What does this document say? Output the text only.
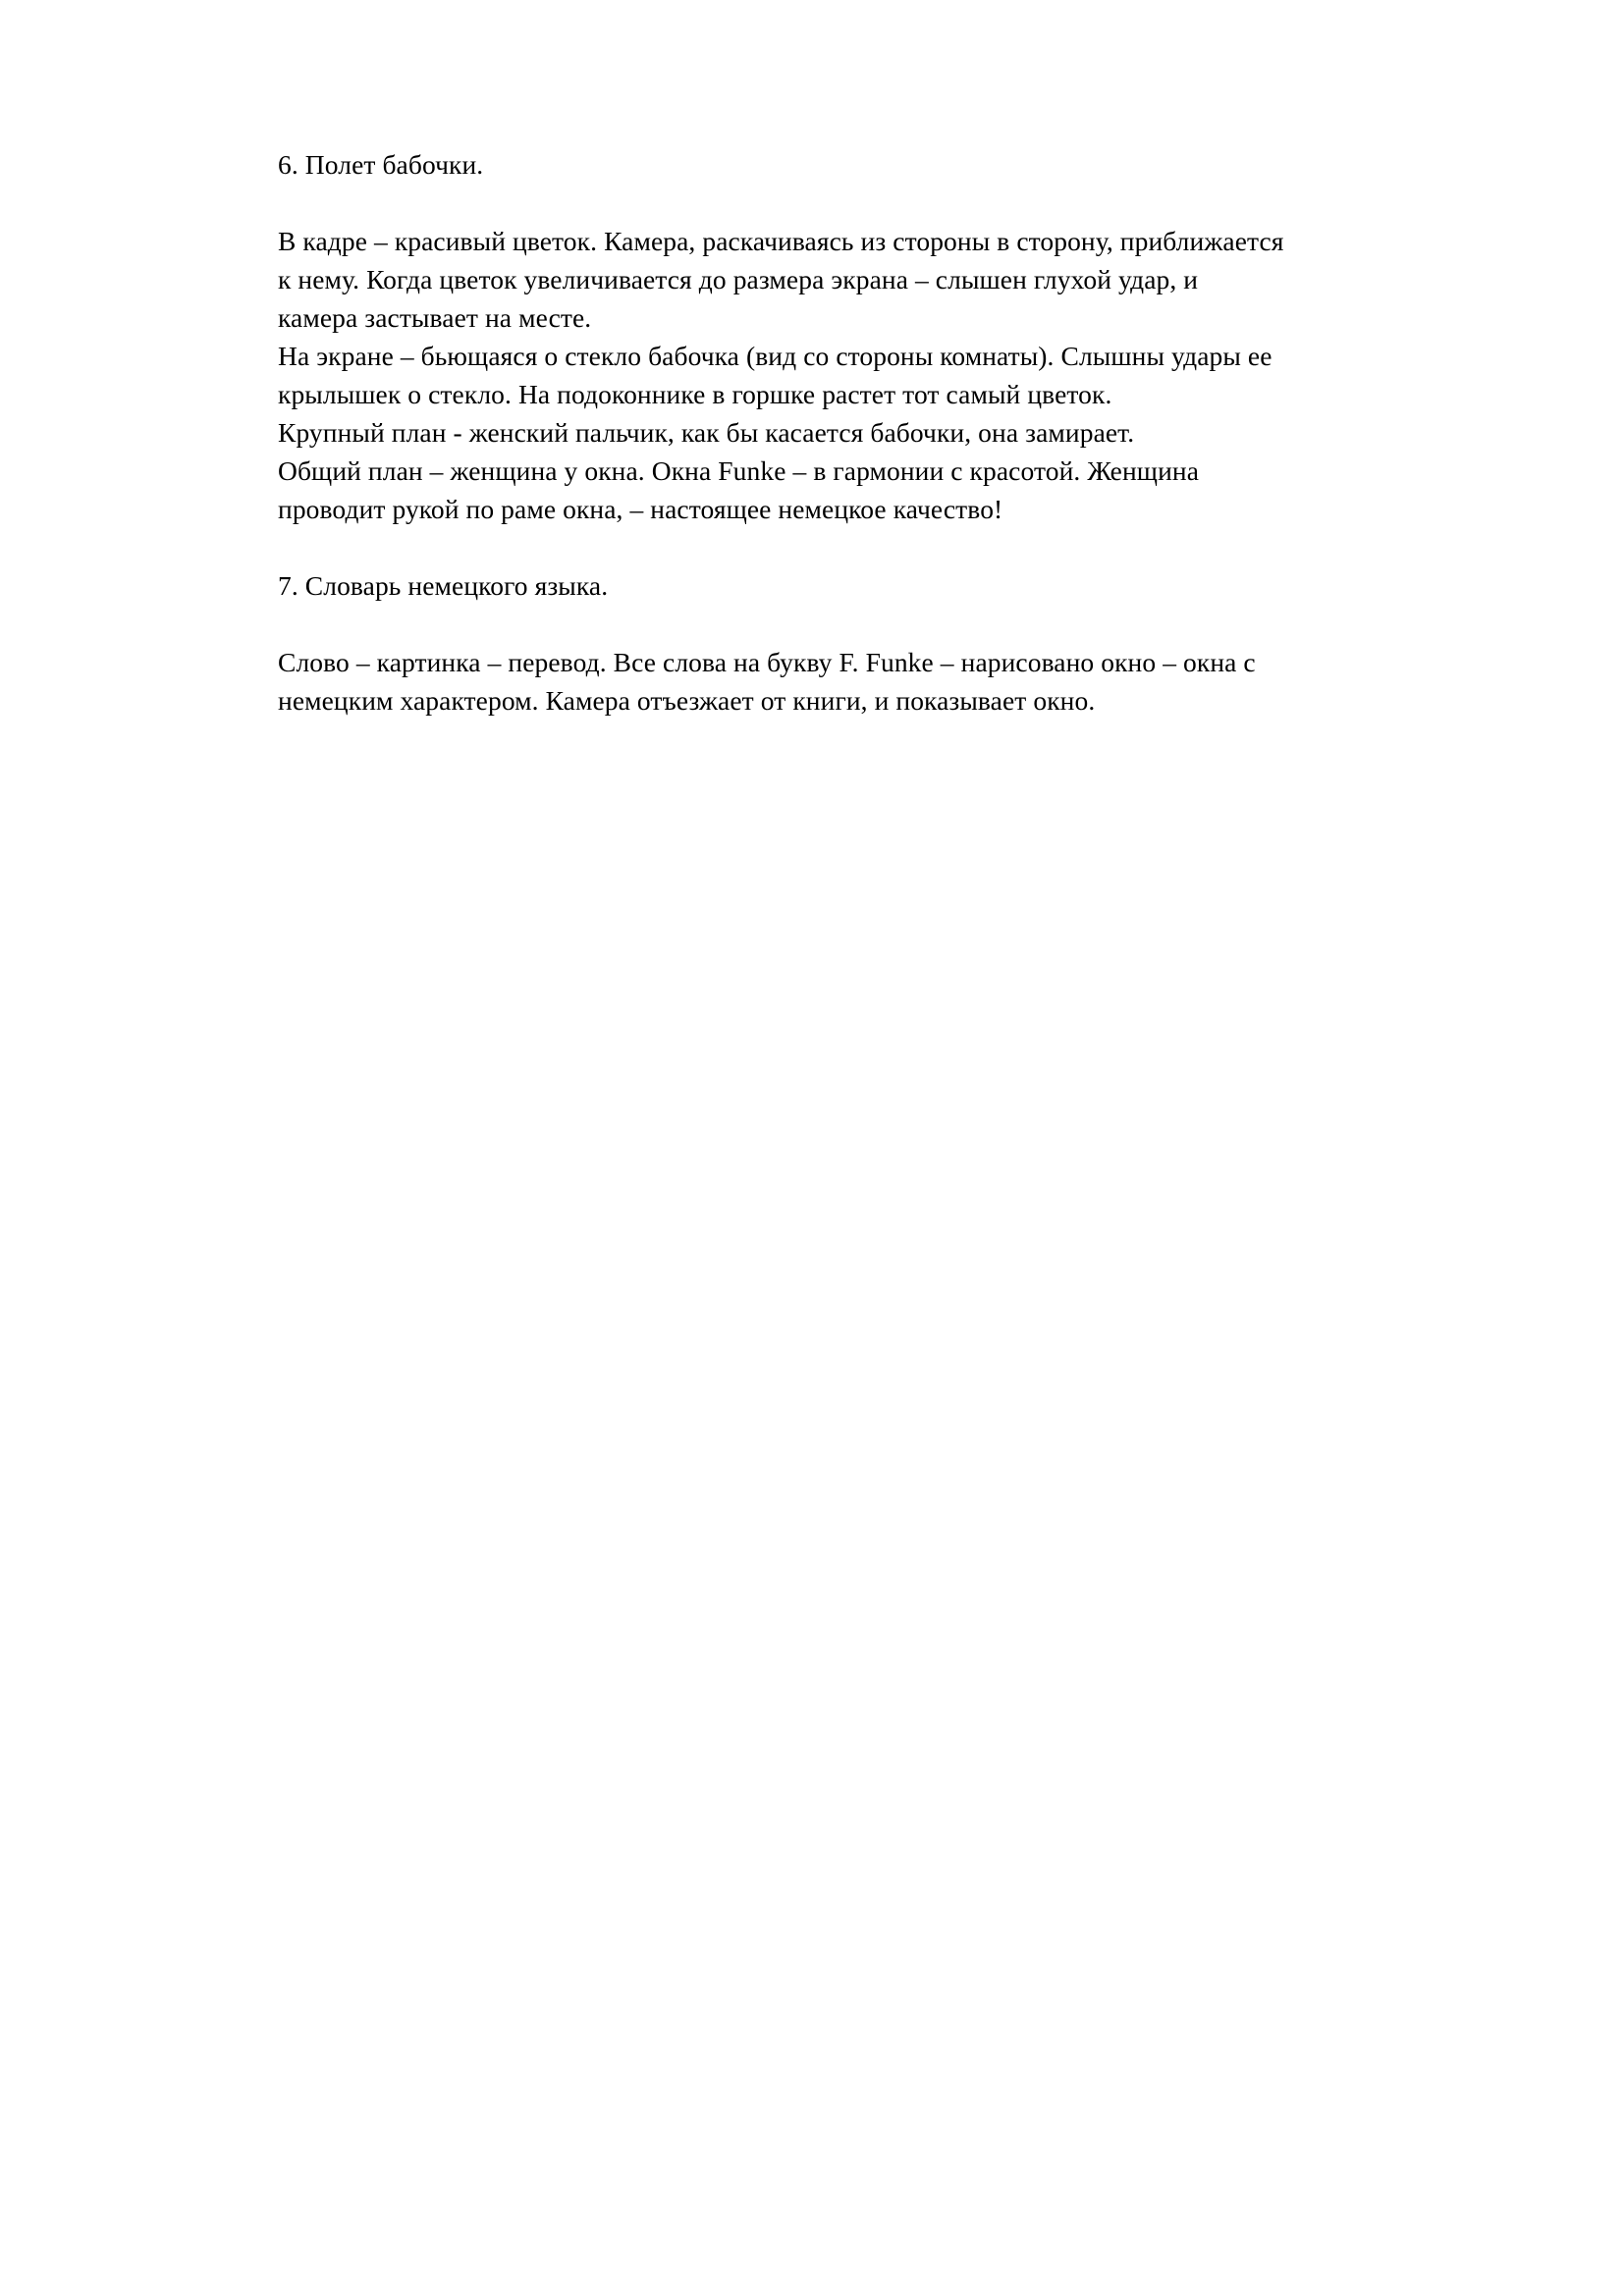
6. Полет бабочки.

В кадре – красивый цветок. Камера, раскачиваясь из стороны в сторону, приближается
к нему. Когда цветок увеличивается до размера экрана – слышен глухой удар, и
камера застывает на месте.
На экране – бьющаяся о стекло бабочка (вид со стороны комнаты). Слышны удары ее
крылышек о стекло. На подоконнике в горшке растет тот самый цветок.
Крупный план - женский пальчик, как бы касается бабочки, она замирает.
Общий план – женщина у окна. Окна Funke – в гармонии с красотой. Женщина
проводит рукой по раме окна, – настоящее немецкое качество!

7. Словарь немецкого языка.

Слово – картинка – перевод. Все слова на букву F. Funke – нарисовано окно – окна с
немецким характером. Камера отъезжает от книги, и показывает окно.
